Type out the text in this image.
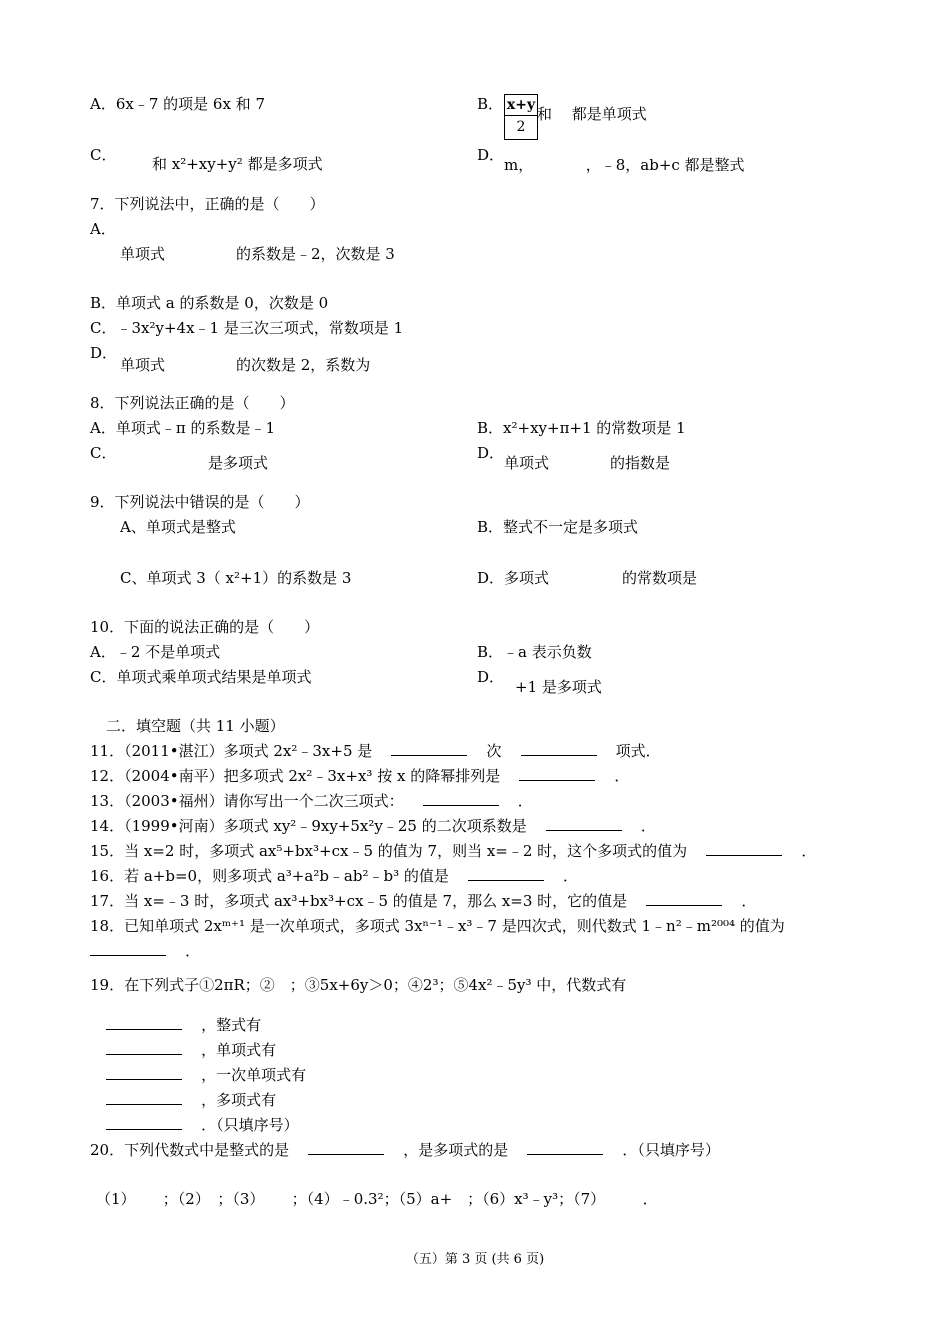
A．6x﹣7 的项是 6x 和 7	B． $\frac{x+y}{2}$ 和 　都是单项式
C． 和 x²+xy+y² 都是多项式	D．
m，　　　　，﹣8，ab+c 都是整式
7．下列说法中，正确的是（　　）
A．
单项式	的系数是﹣2，次数是 3
B．单项式 a 的系数是 0，次数是 0
C．﹣3x²y+4x﹣1 是三次三项式，常数项是 1
D．
单项式	的次数是 2，系数为
8．下列说法正确的是（　　）
A．单项式﹣π 的系数是﹣1	B．x²+xy+π+1 的常数项是 1
C．
是多项式
D．
单项式	的指数是
9．下列说法中错误的是（　　）
A、单项式是整式	B．整式不一定是多项式
C、单项式 3（ x²+1）的系数是 3	D．多项式	的常数项是
10．下面的说法正确的是（　　）
A．﹣2 不是单项式	B．﹣a 表示负数
C．单项式乘单项式结果是单项式	D．
+1 是多项式
二．填空题（共 11 小题）
11．（2011•湛江）多项式 2x²﹣3x+5 是	次	项式．
12．（2004•南平）把多项式 2x²﹣3x+x³ 按 x 的降幂排列是	．
13．（2003•福州）请你写出一个二次三项式：	．
14．（1999•河南）多项式 xy²﹣9xy+5x²y﹣25 的二次项系数是	．
15．当 x=2 时，多项式 ax⁵+bx³+cx﹣5 的值为 7，则当 x=﹣2 时，这个多项式的值为	．
16．若 a+b=0，则多项式 a³+a²b﹣ab²﹣b³ 的值是	．
17．当 x=﹣3 时，多项式 ax³+bx³+cx﹣5 的值是 7，那么 x=3 时，它的值是	．
18．已知单项式 2xᵐ⁺¹ 是一次单项式，多项式 3xⁿ⁻¹﹣x³﹣7 是四次式，则代数式 1﹣n²﹣m²⁰⁰⁴ 的值为
．
19．在下列式子①2πR；②　；③5x+6y＞0；④2³；⑤4x²﹣5y³ 中，代数式有
，整式有
，单项式有
，一次单项式有
，多项式有
．（只填序号）
20．下列代数式中是整式的是	，是多项式的是	．（只填序号）
（1）　　 ；（2）　；（3）　　 ；（4）﹣0.3²；（5）a+　；（6）x³﹣y³；（7）　　　．
（五）第 3 页 (共 6 页)
